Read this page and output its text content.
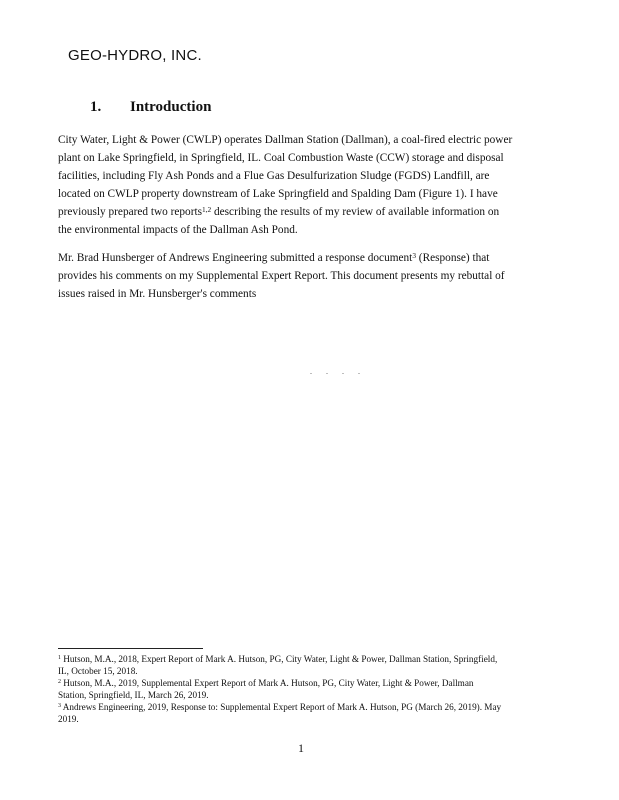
GEO-HYDRO, INC.
1. Introduction
City Water, Light & Power (CWLP) operates Dallman Station (Dallman), a coal-fired electric power
plant on Lake Springfield, in Springfield, IL. Coal Combustion Waste (CCW) storage and disposal
facilities, including Fly Ash Ponds and a Flue Gas Desulfurization Sludge (FGDS) Landfill, are
located on CWLP property downstream of Lake Springfield and Spalding Dam (Figure 1). I have
previously prepared two reports$^{1,2}$ describing the results of my review of available information on
the environmental impacts of the Dallman Ash Pond.
Mr. Brad Hunsberger of Andrews Engineering submitted a response document$^3$ (Response) that
provides his comments on my Supplemental Expert Report. This document presents my rebuttal of
issues raised in Mr. Hunsberger's comments
. . . .
$^1$ Hutson, M.A., 2018, Expert Report of Mark A. Hutson, PG, City Water, Light & Power, Dallman Station, Springfield,
IL, October 15, 2018.
$^2$ Hutson, M.A., 2019, Supplemental Expert Report of Mark A. Hutson, PG, City Water, Light & Power, Dallman
Station, Springfield, IL, March 26, 2019.
$^3$ Andrews Engineering, 2019, Response to: Supplemental Expert Report of Mark A. Hutson, PG (March 26, 2019). May
2019.
1
